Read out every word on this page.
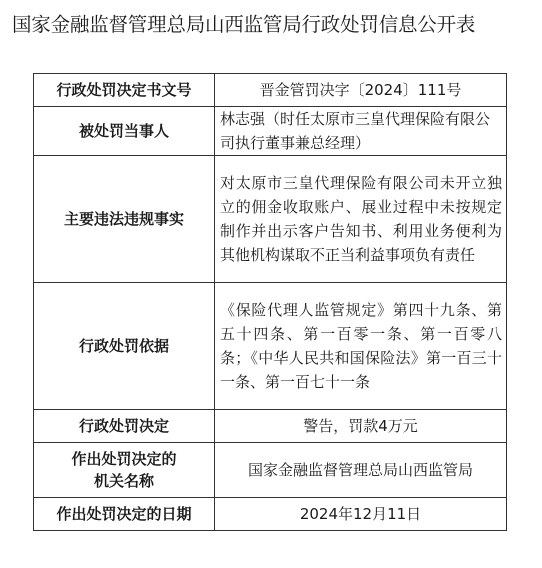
国家金融监督管理总局山西监管局行政处罚信息公开表
行政处罚决定书文号	晋金管罚决字〔2024〕111号
被处罚当事人	林志强（时任太原市三皇代理保险有限公司执行董事兼总经理）
主要违法违规事实	对太原市三皇代理保险有限公司未开立独立的佣金收取账户、展业过程中未按规定制作并出示客户告知书、利用业务便利为其他机构谋取不正当利益事项负有责任
行政处罚依据	《保险代理人监管规定》第四十九条、第五十四条、第一百零一条、第一百零八条；《中华人民共和国保险法》第一百三十一条、第一百七十一条
行政处罚决定	警告，罚款4万元

作出处罚决定的
机关名称	国家金融监督管理总局山西监管局
作出处罚决定的日期	2024年12月11日
